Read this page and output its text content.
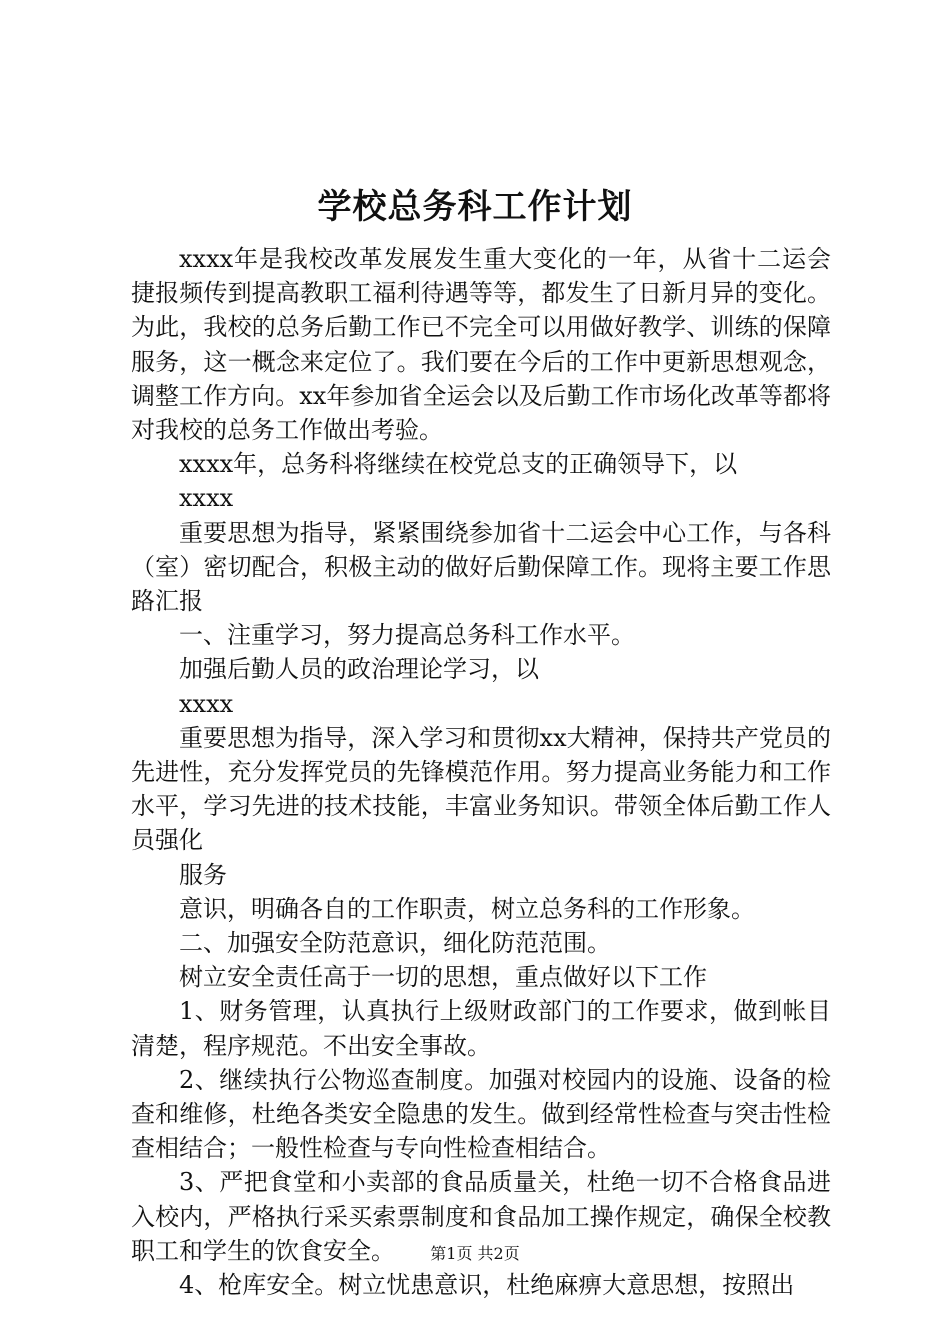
学校总务科工作计划

xxxx年是我校改革发展发生重大变化的一年，从省十二运会捷报频传到提高教职工福利待遇等等，都发生了日新月异的变化。为此，我校的总务后勤工作已不完全可以用做好教学、训练的保障服务，这一概念来定位了。我们要在今后的工作中更新思想观念，调整工作方向。xx年参加省全运会以及后勤工作市场化改革等都将对我校的总务工作做出考验。

xxxx年，总务科将继续在校党总支的正确领导下，以

xxxx

重要思想为指导，紧紧围绕参加省十二运会中心工作，与各科（室）密切配合，积极主动的做好后勤保障工作。现将主要工作思路汇报

一、注重学习，努力提高总务科工作水平。

加强后勤人员的政治理论学习，以

xxxx

重要思想为指导，深入学习和贯彻xx大精神，保持共产党员的先进性，充分发挥党员的先锋模范作用。努力提高业务能力和工作水平，学习先进的技术技能，丰富业务知识。带领全体后勤工作人员强化

服务

意识，明确各自的工作职责，树立总务科的工作形象。

二、加强安全防范意识，细化防范范围。

树立安全责任高于一切的思想，重点做好以下工作

1、财务管理，认真执行上级财政部门的工作要求，做到帐目清楚，程序规范。不出安全事故。

2、继续执行公物巡查制度。加强对校园内的设施、设备的检查和维修，杜绝各类安全隐患的发生。做到经常性检查与突击性检查相结合；一般性检查与专向性检查相结合。

3、严把食堂和小卖部的食品质量关，杜绝一切不合格食品进入校内，严格执行采买索票制度和食品加工操作规定，确保全校教职工和学生的饮食安全。

4、枪库安全。树立忧患意识，杜绝麻痹大意思想，按照出

第1页 共2页
